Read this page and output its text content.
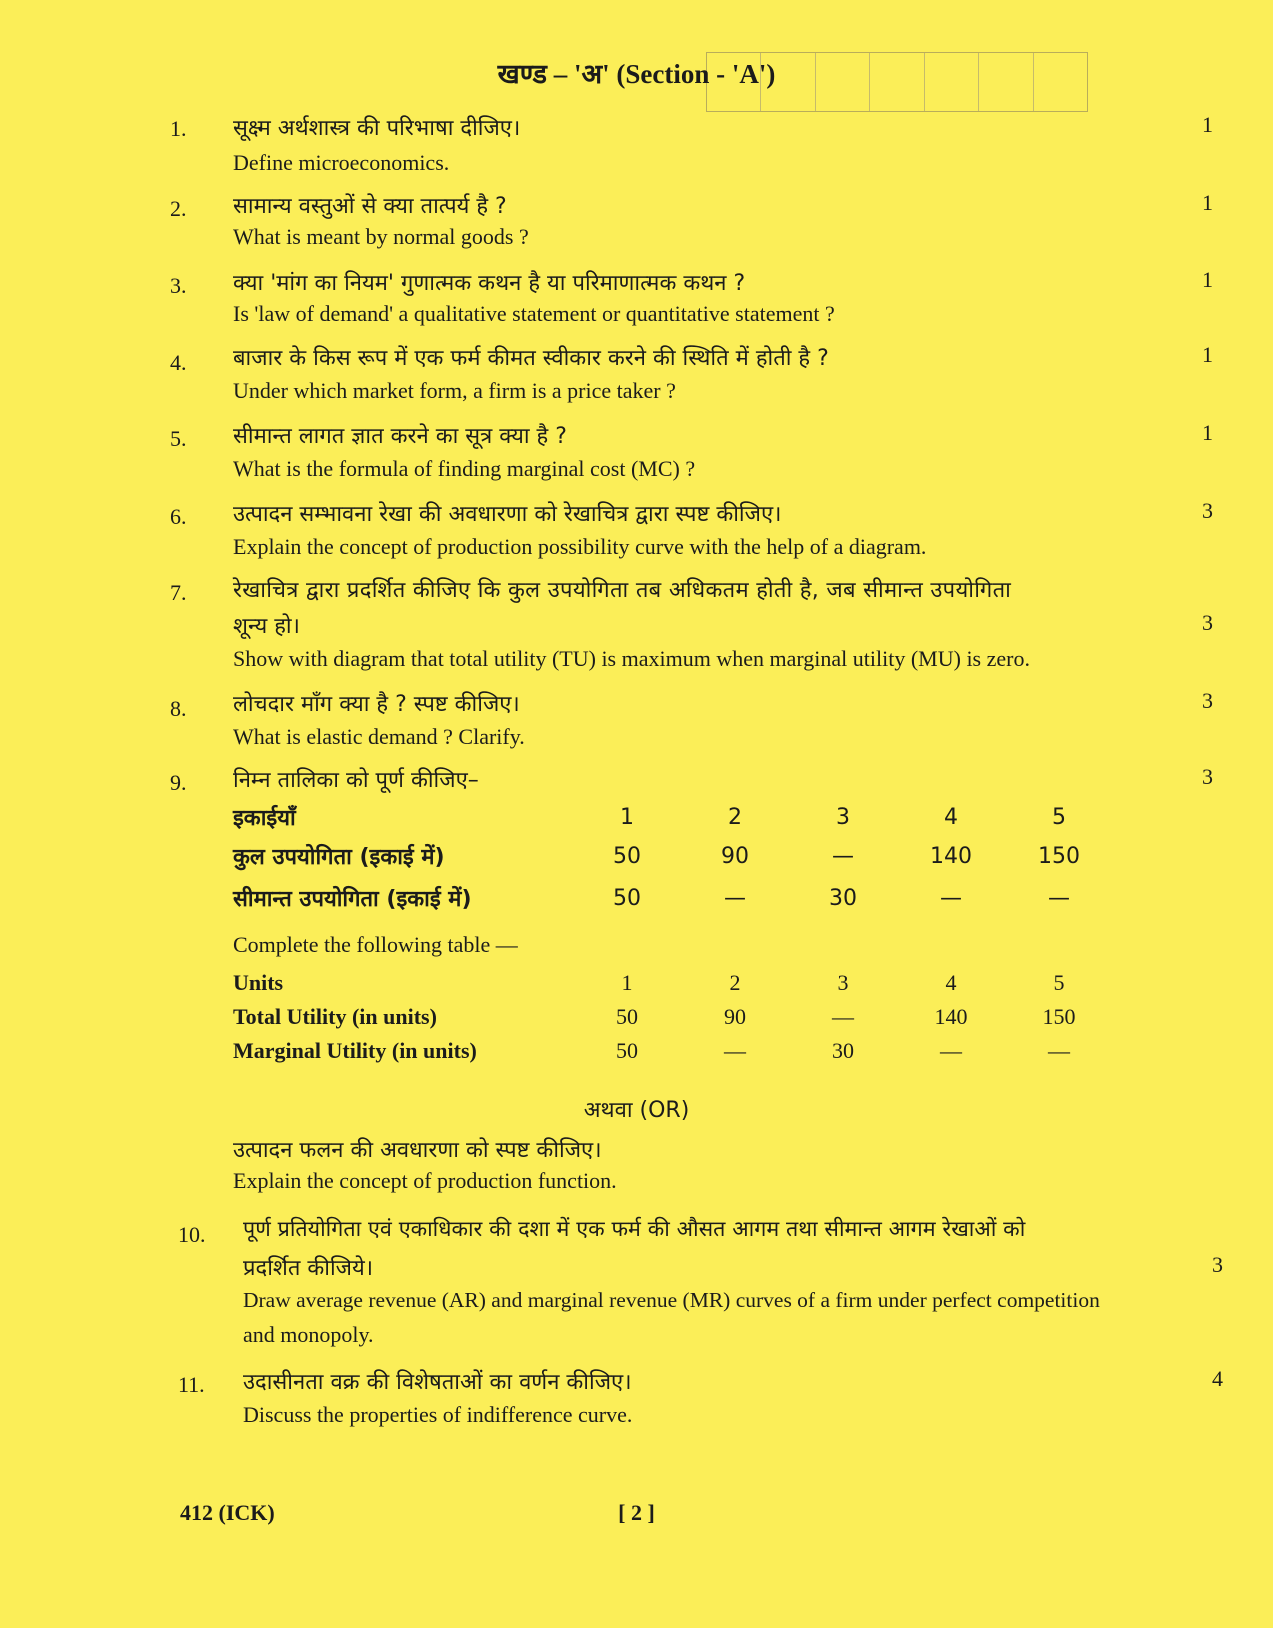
खण्ड – 'अ' (Section - 'A')
1. सूक्ष्म अर्थशास्त्र की परिभाषा दीजिए।
Define microeconomics.
1
2. सामान्य वस्तुओं से क्या तात्पर्य है ?
What is meant by normal goods ?
1
3. क्या 'मांग का नियम' गुणात्मक कथन है या परिमाणात्मक कथन ?
Is 'law of demand' a qualitative statement or quantitative statement ?
1
4. बाजार के किस रूप में एक फर्म कीमत स्वीकार करने की स्थिति में होती है ?
Under which market form, a firm is a price taker ?
1
5. सीमान्त लागत ज्ञात करने का सूत्र क्या है ?
What is the formula of finding marginal cost (MC) ?
1
6. उत्पादन सम्भावना रेखा की अवधारणा को रेखाचित्र द्वारा स्पष्ट कीजिए।
Explain the concept of production possibility curve with the help of a diagram.
3
7. रेखाचित्र द्वारा प्रदर्शित कीजिए कि कुल उपयोगिता तब अधिकतम होती है, जब सीमान्त उपयोगिता
शून्य हो।
Show with diagram that total utility (TU) is maximum when marginal utility (MU) is zero.
3
8. लोचदार माँग क्या है ? स्पष्ट कीजिए।
What is elastic demand ? Clarify.
3
9. निम्न तालिका को पूर्ण कीजिए–	3
इकाईयाँ	1	2	3	4	5
कुल उपयोगिता (इकाई में)	50	90	—	140	150
सीमान्त उपयोगिता (इकाई में)	50	—	30	—	—
Complete the following table —
Units	1	2	3	4	5
Total Utility (in units)	50	90	—	140	150
Marginal Utility (in units)	50	—	30	—	—
अथवा (OR)
उत्पादन फलन की अवधारणा को स्पष्ट कीजिए।
Explain the concept of production function.
10. पूर्ण प्रतियोगिता एवं एकाधिकार की दशा में एक फर्म की औसत आगम तथा सीमान्त आगम रेखाओं को
प्रदर्शित कीजिये।
Draw average revenue (AR) and marginal revenue (MR) curves of a firm under perfect competition
and monopoly.
3
11. उदासीनता वक्र की विशेषताओं का वर्णन कीजिए।
Discuss the properties of indifference curve.
4
412 (ICK)	[ 2 ]
